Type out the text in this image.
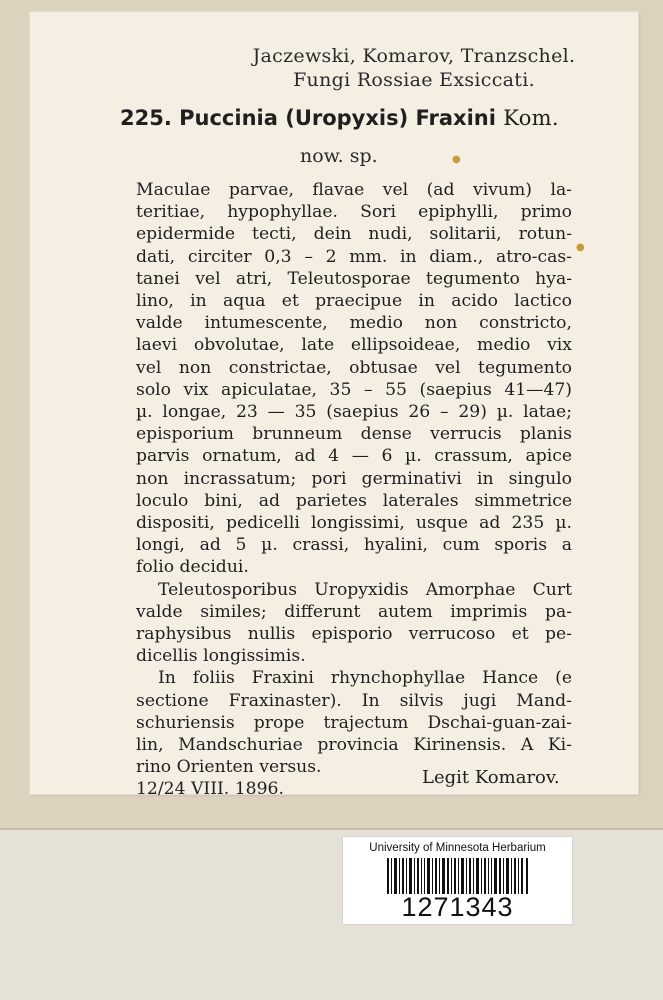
Jaczewski, Komarov, Tranzschel.
Fungi Rossiae Exsiccati.
225. Puccinia (Uropyxis) Fraxini Kom.
now. sp.
Maculae parvae, flavae vel (ad vivum) la-
teritiae, hypophyllae. Sori epiphylli, primo
epidermide tecti, dein nudi, solitarii, rotun-
dati, circiter 0,3 – 2 mm. in diam., atro-cas-
tanei vel atri, Teleutosporae tegumento hya-
lino, in aqua et praecipue in acido lactico
valde intumescente, medio non constricto,
laevi obvolutae, late ellipsoideae, medio vix
vel non constrictae, obtusae vel tegumento
solo vix apiculatae, 35 – 55 (saepius 41—47)
µ. longae, 23 — 35 (saepius 26 – 29) µ. latae;
episporium brunneum dense verrucis planis
parvis ornatum, ad 4 — 6 µ. crassum, apice
non incrassatum; pori germinativi in singulo
loculo bini, ad parietes laterales simmetrice
dispositi, pedicelli longissimi, usque ad 235 µ.
longi, ad 5 µ. crassi, hyalini, cum sporis a
folio decidui.
Teleutosporibus Uropyxidis Amorphae Curt
valde similes; differunt autem imprimis pa-
raphysibus nullis episporio verrucoso et pe-
dicellis longissimis.
In foliis Fraxini rhynchophyllae Hance (e
sectione Fraxinaster). In silvis jugi Mand-
schuriensis prope trajectum Dschai-guan-zai-
lin, Mandschuriae provincia Kirinensis. A Ki-
rino Orienten versus.
12/24 VIII. 1896.
Legit Komarov.
●
●
University of Minnesota Herbarium
1271343
